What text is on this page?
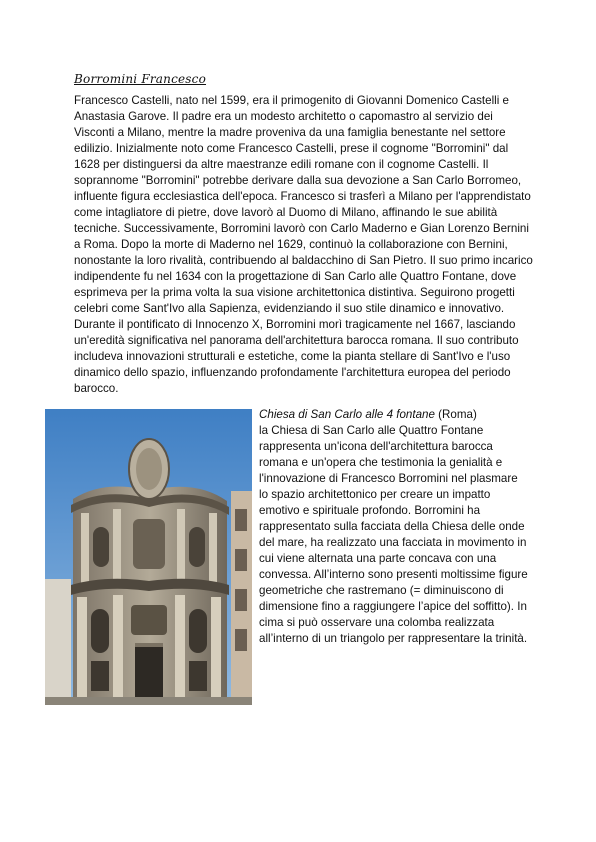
Borromini Francesco

Francesco Castelli, nato nel 1599, era il primogenito di Giovanni Domenico Castelli e Anastasia Garove. Il padre era un modesto architetto o capomastro al servizio dei Visconti a Milano, mentre la madre proveniva da una famiglia benestante nel settore edilizio. Inizialmente noto come Francesco Castelli, prese il cognome "Borromini" dal 1628 per distinguersi da altre maestranze edili romane con il cognome Castelli. Il soprannome "Borromini" potrebbe derivare dalla sua devozione a San Carlo Borromeo, influente figura ecclesiastica dell'epoca. Francesco si trasferì a Milano per l'apprendistato come intagliatore di pietre, dove lavorò al Duomo di Milano, affinando le sue abilità tecniche. Successivamente, Borromini lavorò con Carlo Maderno e Gian Lorenzo Bernini a Roma. Dopo la morte di Maderno nel 1629, continuò la collaborazione con Bernini, nonostante la loro rivalità, contribuendo al baldacchino di San Pietro. Il suo primo incarico indipendente fu nel 1634 con la progettazione di San Carlo alle Quattro Fontane, dove esprimeva per la prima volta la sua visione architettonica distintiva. Seguirono progetti celebri come Sant'Ivo alla Sapienza, evidenziando il suo stile dinamico e innovativo. Durante il pontificato di Innocenzo X, Borromini morì tragicamente nel 1667, lasciando un'eredità significativa nel panorama dell'architettura barocca romana. Il suo contributo includeva innovazioni strutturali e estetiche, come la pianta stellare di Sant'Ivo e l'uso dinamico dello spazio, influenzando profondamente l'architettura europea del periodo barocco.

Chiesa di San Carlo alle 4 fontane (Roma)
la Chiesa di San Carlo alle Quattro Fontane rappresenta un'icona dell'architettura barocca romana e un'opera che testimonia la genialità e l'innovazione di Francesco Borromini nel plasmare lo spazio architettonico per creare un impatto emotivo e spirituale profondo. Borromini ha rappresentato sulla facciata della Chiesa delle onde del mare, ha realizzato una facciata in movimento in cui viene alternata una parte concava con una convessa. All’interno sono presenti moltissime figure geometriche che rastremano (= diminuiscono di dimensione fino a raggiungere l’apice del soffitto). In cima si può osservare una colomba realizzata all’interno di un triangolo per rappresentare la trinità.
